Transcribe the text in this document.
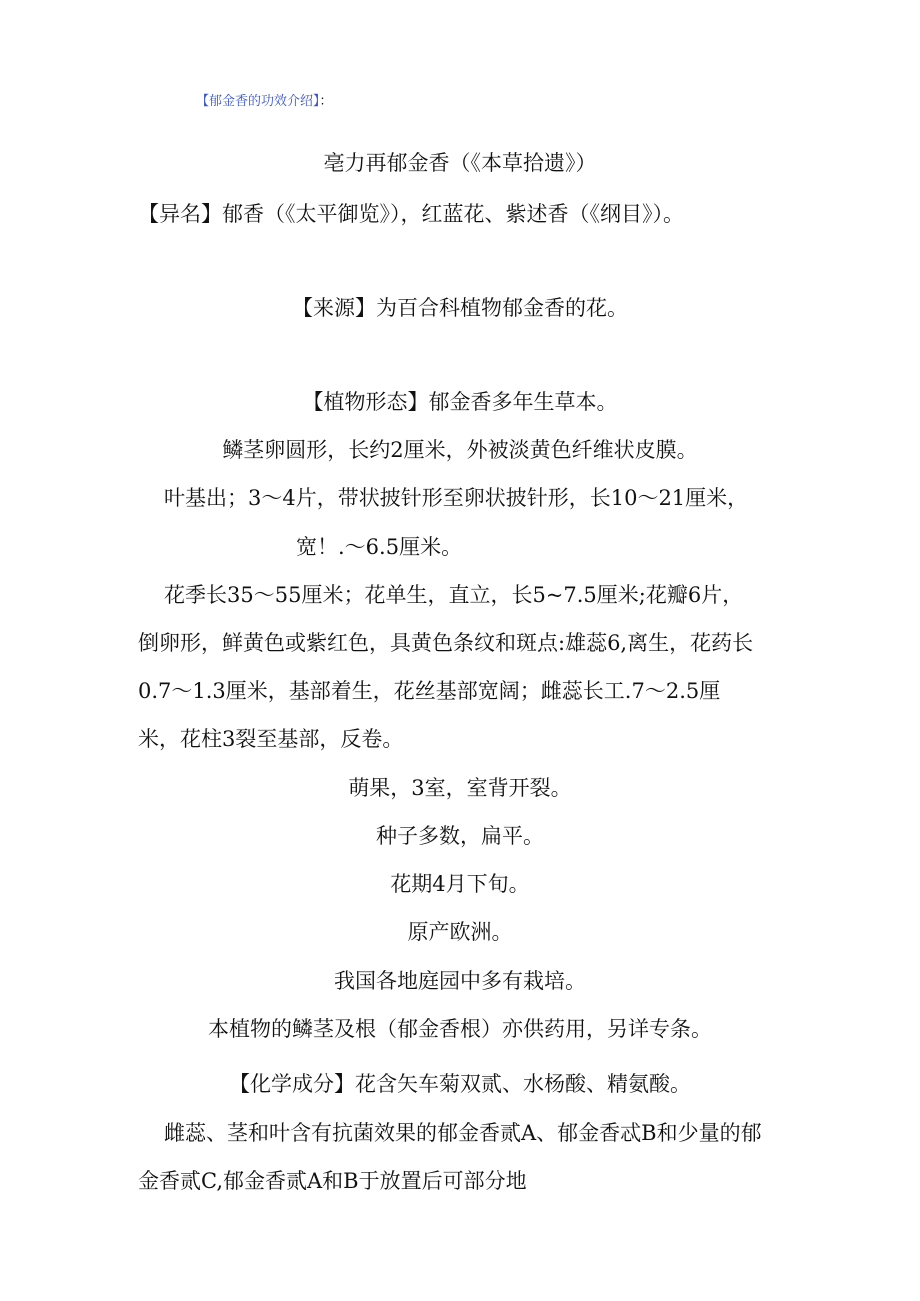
【郁金香的功效介绍】：
亳力再郁金香（《本草拾遗》）
【异名】郁香（《太平御览》），红蓝花、紫述香（《纲目》）。
【来源】为百合科植物郁金香的花。
【植物形态】郁金香多年生草本。
鳞茎卵圆形，长约2厘米，外被淡黄色纤维状皮膜。
叶基出；3～4片，带状披针形至卵状披针形，长10～21厘米，
宽！.～6.5厘米。
花季长35～55厘米；花单生，直立，长5~7.5厘米;花瓣6片，
倒卵形，鲜黄色或紫红色，具黄色条纹和斑点:雄蕊6,离生，花药长
0.7～1.3厘米，基部着生，花丝基部宽阔；雌蕊长工.7～2.5厘
米，花柱3裂至基部，反卷。
萌果，3室，室背开裂。
种子多数，扁平。
花期4月下旬。
原产欧洲。
我国各地庭园中多有栽培。
本植物的鳞茎及根（郁金香根）亦供药用，另详专条。
【化学成分】花含矢车菊双贰、水杨酸、精氨酸。
雌蕊、茎和叶含有抗菌效果的郁金香贰A、郁金香忒B和少量的郁
金香贰C,郁金香贰A和B于放置后可部分地
